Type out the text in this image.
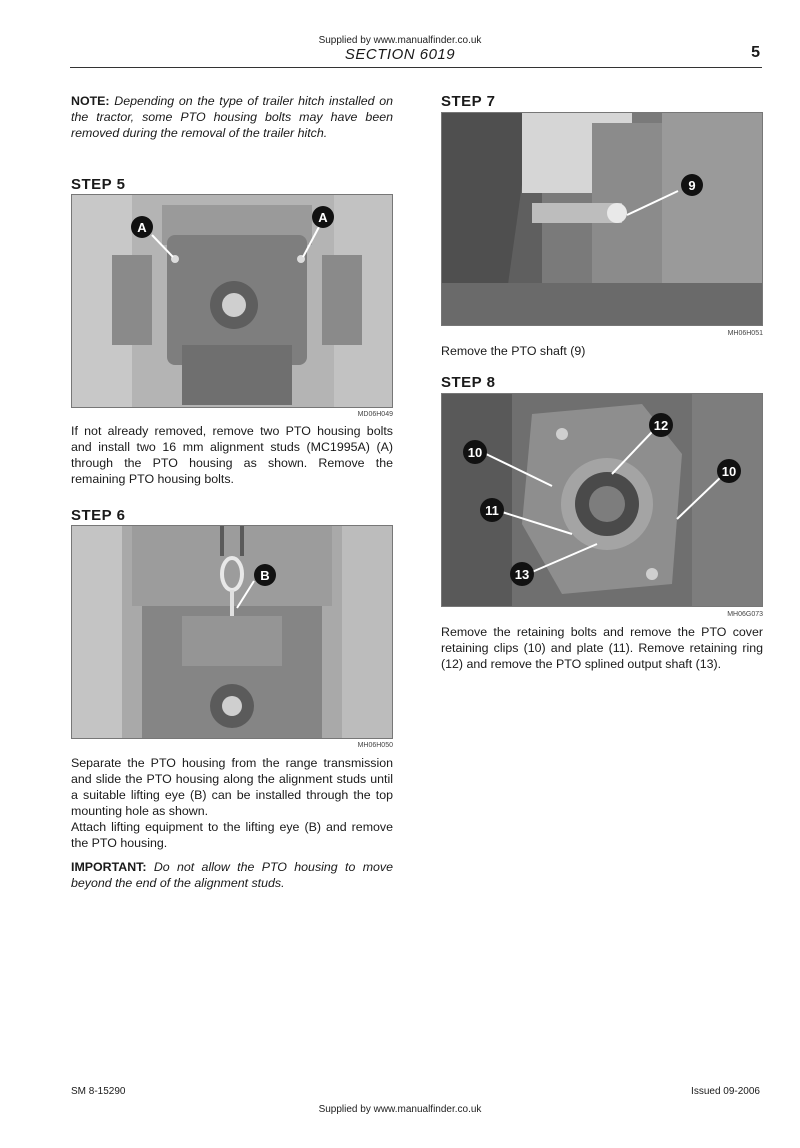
Supplied by www.manualfinder.co.uk
SECTION 6019	5

NOTE: Depending on the type of trailer hitch installed on the tractor, some PTO housing bolts may have been removed during the removal of the trailer hitch.

STEP 5
A
A
MD06H049

If not already removed, remove two PTO housing bolts and install two 16 mm alignment studs (MC1995A) (A) through the PTO housing as shown. Remove the remaining PTO housing bolts.

STEP 6
B
MH06H050

Separate the PTO housing from the range transmission and slide the PTO housing along the alignment studs until a suitable lifting eye (B) can be installed through the top mounting hole as shown.

Attach lifting equipment to the lifting eye (B) and remove the PTO housing.

IMPORTANT: Do not allow the PTO housing to move beyond the end of the alignment studs.

STEP 7
9
MH06H051

Remove the PTO shaft (9)

STEP 8
10
12
10
11
13
MH06G073

Remove the retaining bolts and remove the PTO cover retaining clips (10) and plate (11). Remove retaining ring (12) and remove the PTO splined output shaft (13).

SM 8-15290	Issued 09-2006
Supplied by www.manualfinder.co.uk
